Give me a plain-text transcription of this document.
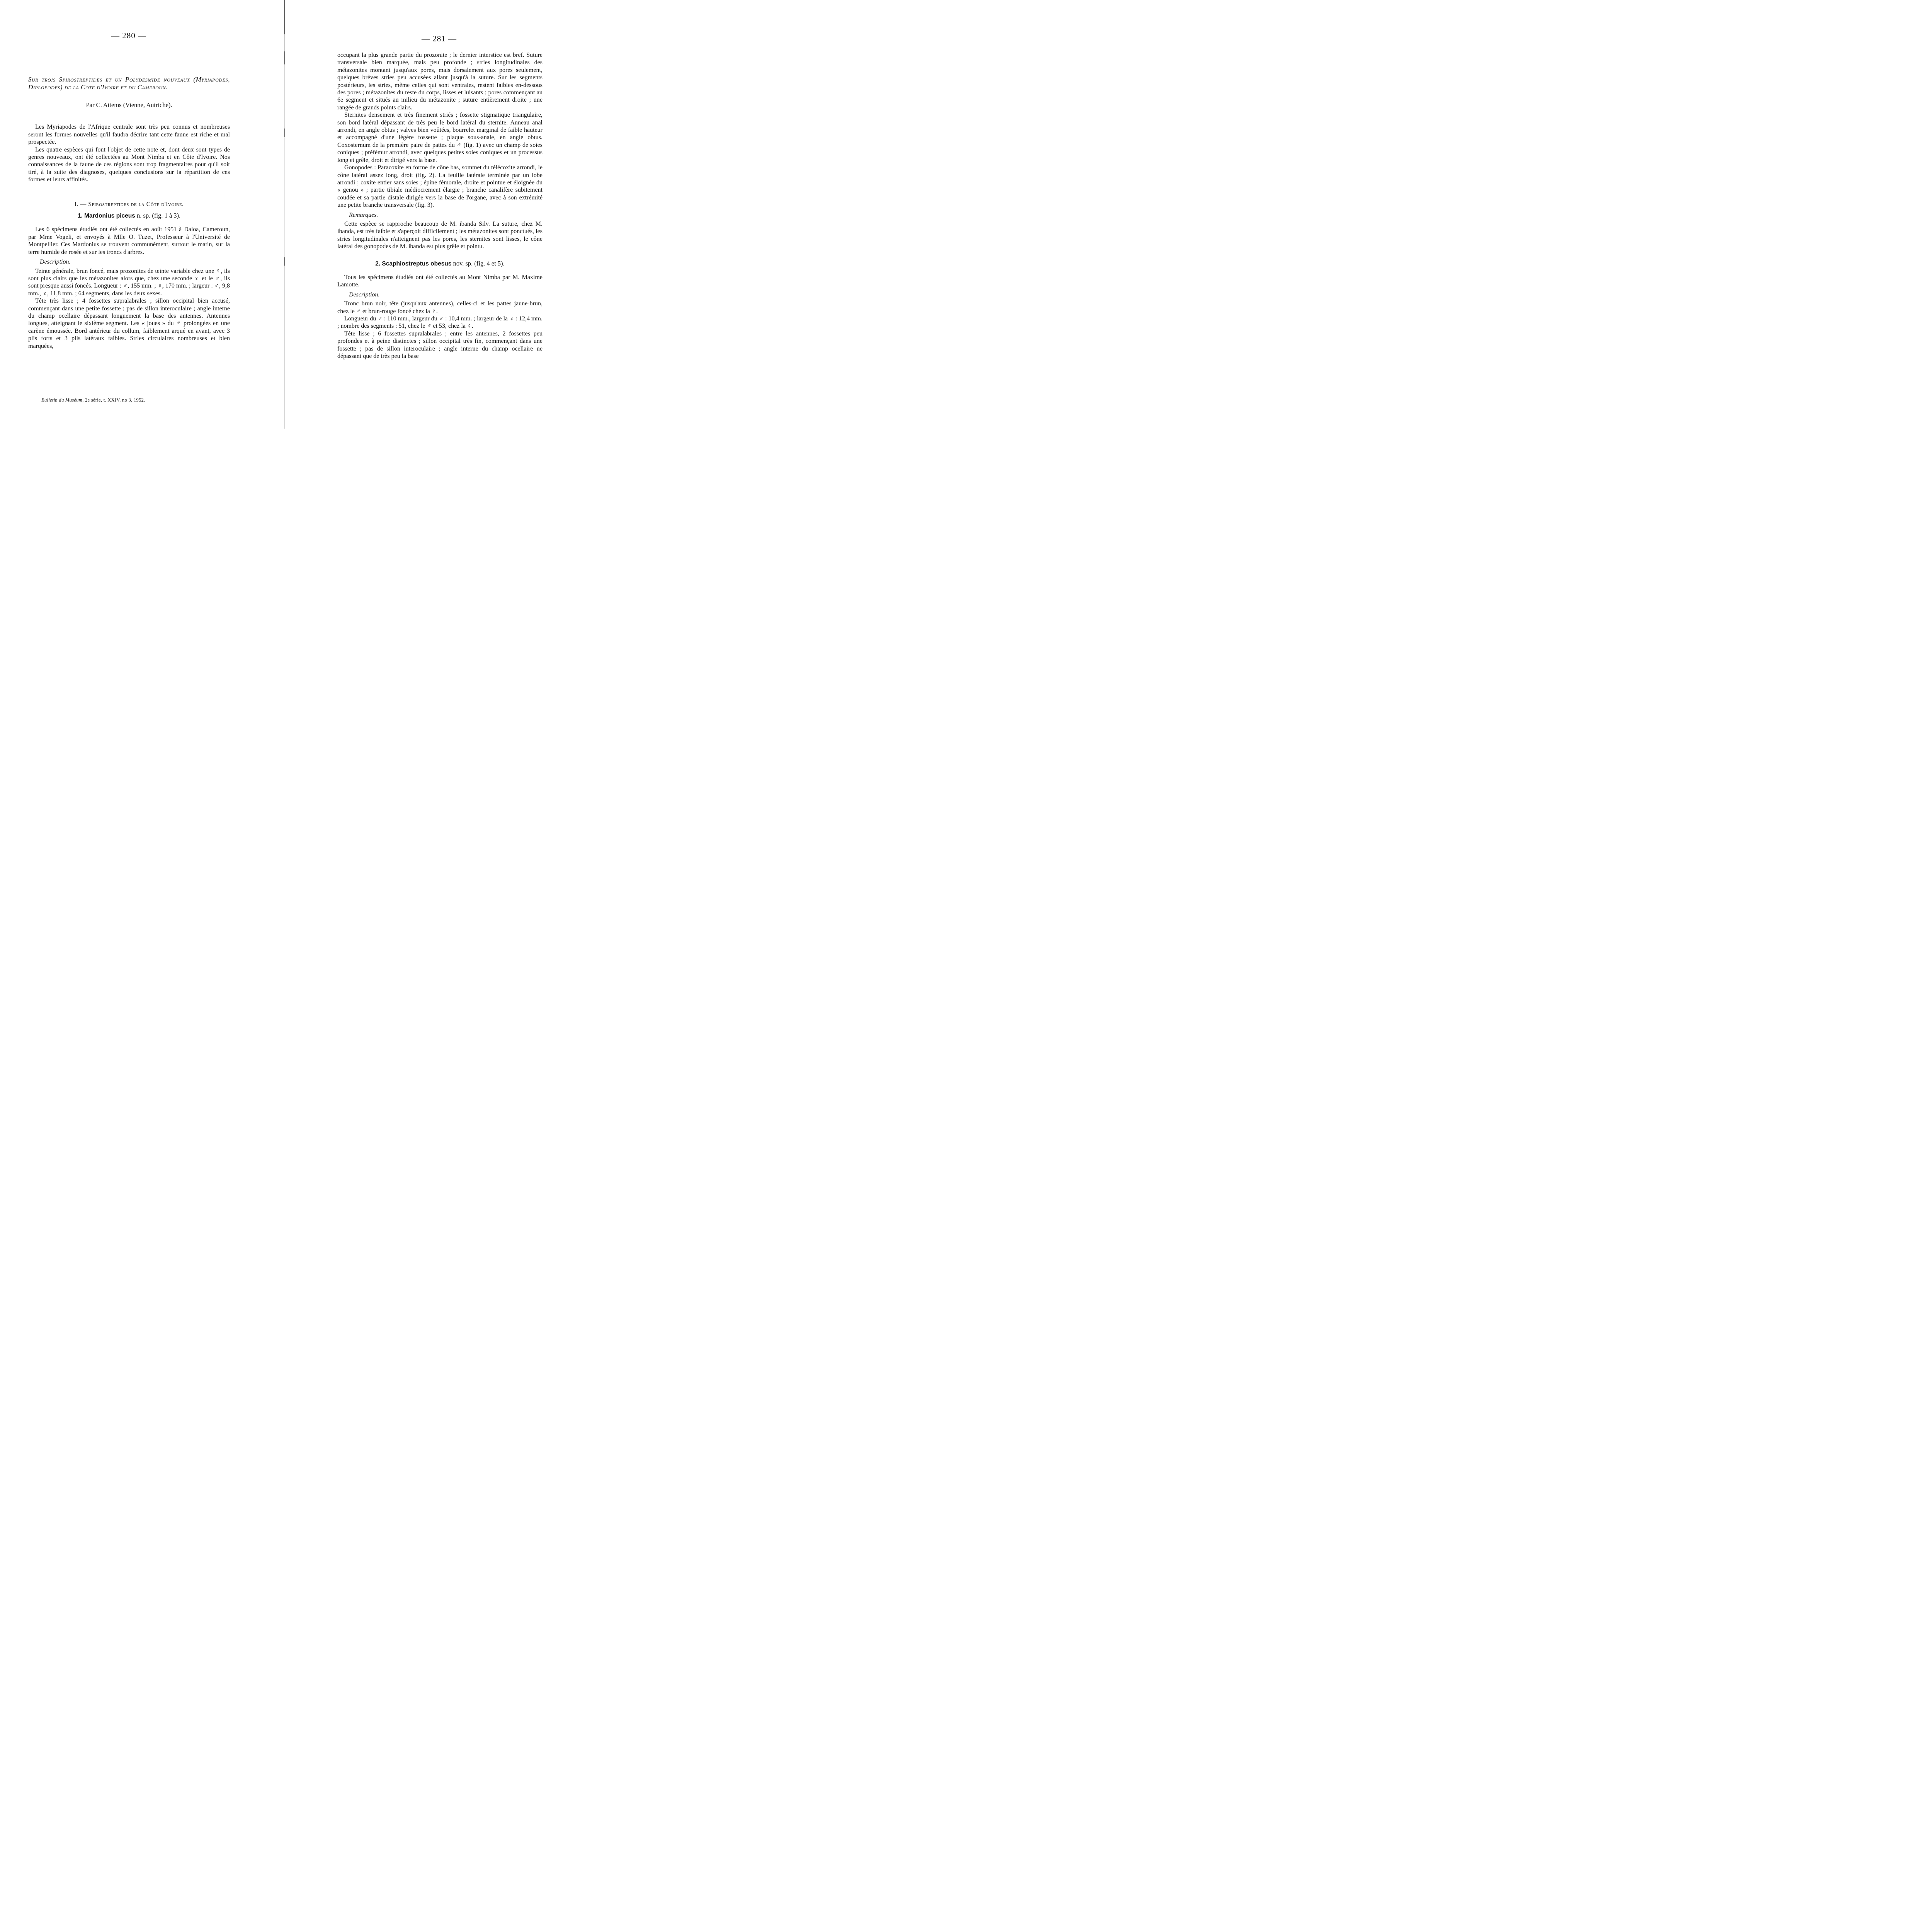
— 280 —

Sur trois Spirostreptides et un Polydesmide nouveaux (Myriapodes, Diplopodes) de la Cote d'Ivoire et du Cameroun.

Par C. Attems (Vienne, Autriche).

Les Myriapodes de l'Afrique centrale sont très peu connus et nombreuses seront les formes nouvelles qu'il faudra décrire tant cette faune est riche et mal prospectée.

Les quatre espèces qui font l'objet de cette note et, dont deux sont types de genres nouveaux, ont été collectées au Mont Nimba et en Côte d'Ivoire. Nos connaissances de la faune de ces régions sont trop fragmentaires pour qu'il soit tiré, à la suite des diagnoses, quelques conclusions sur la répartition de ces formes et leurs affinités.

I. — Spirostreptides de la Côte d'Ivoire.

1. Mardonius piceus n. sp. (fig. 1 à 3).

Les 6 spécimens étudiés ont été collectés en août 1951 à Daloa, Cameroun, par Mme Vogeli, et envoyés à Mlle O. Tuzet, Professeur à l'Université de Montpellier. Ces Mardonius se trouvent communément, surtout le matin, sur la terre humide de rosée et sur les troncs d'arbres.

Description.

Teinte générale, brun foncé, mais prozonites de teinte variable chez une ♀, ils sont plus clairs que les métazonites alors que, chez une seconde ♀ et le ♂, ils sont presque aussi foncés. Longueur : ♂, 155 mm. ; ♀, 170 mm. ; largeur : ♂, 9,8 mm., ♀, 11,8 mm. ; 64 segments, dans les deux sexes.

Tête très lisse ; 4 fossettes supralabrales ; sillon occipital bien accusé, commençant dans une petite fossette ; pas de sillon interoculaire ; angle interne du champ ocellaire dépassant longuement la base des antennes. Antennes longues, atteignant le sixième segment. Les « joues » du ♂ prolongées en une carène émoussée. Bord antérieur du collum, faiblement arqué en avant, avec 3 plis forts et 3 plis latéraux faibles. Stries circulaires nombreuses et bien marquées,

Bulletin du Muséum, 2e série, t. XXIV, no 3, 1952.
— 281 —

occupant la plus grande partie du prozonite ; le dernier interstice est bref. Suture transversale bien marquée, mais peu profonde ; stries longitudinales des métazonites montant jusqu'aux pores, mais dorsalement aux pores seulement, quelques brèves stries peu accusées allant jusqu'à la suture. Sur les segments postérieurs, les stries, même celles qui sont ventrales, restent faibles en-dessous des pores ; métazonites du reste du corps, lisses et luisants ; pores commençant au 6e segment et situés au milieu du métazonite ; suture entièrement droite ; une rangée de grands points clairs.

Sternites densement et très finement striés ; fossette stigmatique triangulaire, son bord latéral dépassant de très peu le bord latéral du sternite. Anneau anal arrondi, en angle obtus ; valves bien voûtées, bourrelet marginal de faible hauteur et accompagné d'une légère fossette ; plaque sous-anale, en angle obtus. Coxosternum de la première paire de pattes du ♂ (fig. 1) avec un champ de soies coniques ; préfémur arrondi, avec quelques petites soies coniques et un processus long et grêle, droit et dirigé vers la base.

Gonopodes : Paracoxite en forme de cône bas, sommet du télécoxite arrondi, le cône latéral assez long, droit (fig. 2). La feuille latérale terminée par un lobe arrondi ; coxite entier sans soies ; épine fémorale, droite et pointue et éloignée du « genou » ; partie tibiale médiocrement élargie ; branche canalifère subitement coudée et sa partie distale dirigée vers la base de l'organe, avec à son extrémité une petite branche transversale (fig. 3).

Remarques.

Cette espèce se rapproche beaucoup de M. ibanda Silv. La suture, chez M. ibanda, est très faible et s'aperçoit difficilement ; les métazonites sont ponctués, les stries longitudinales n'atteignent pas les pores, les sternites sont lisses, le cône latéral des gonopodes de M. ibanda est plus grêle et pointu.

2. Scaphiostreptus obesus nov. sp. (fig. 4 et 5).

Tous les spécimens étudiés ont été collectés au Mont Nimba par M. Maxime Lamotte.

Description.

Tronc brun noir, tête (jusqu'aux antennes), celles-ci et les pattes jaune-brun, chez le ♂ et brun-rouge foncé chez la ♀.

Longueur du ♂ : 110 mm., largeur du ♂ : 10,4 mm. ; largeur de la ♀ : 12,4 mm. ; nombre des segments : 51, chez le ♂ et 53, chez la ♀.

Tête lisse ; 6 fossettes supralabrales ; entre les antennes, 2 fossettes peu profondes et à peine distinctes ; sillon occipital très fin, commençant dans une fossette ; pas de sillon interoculaire ; angle interne du champ ocellaire ne dépassant que de très peu la base
